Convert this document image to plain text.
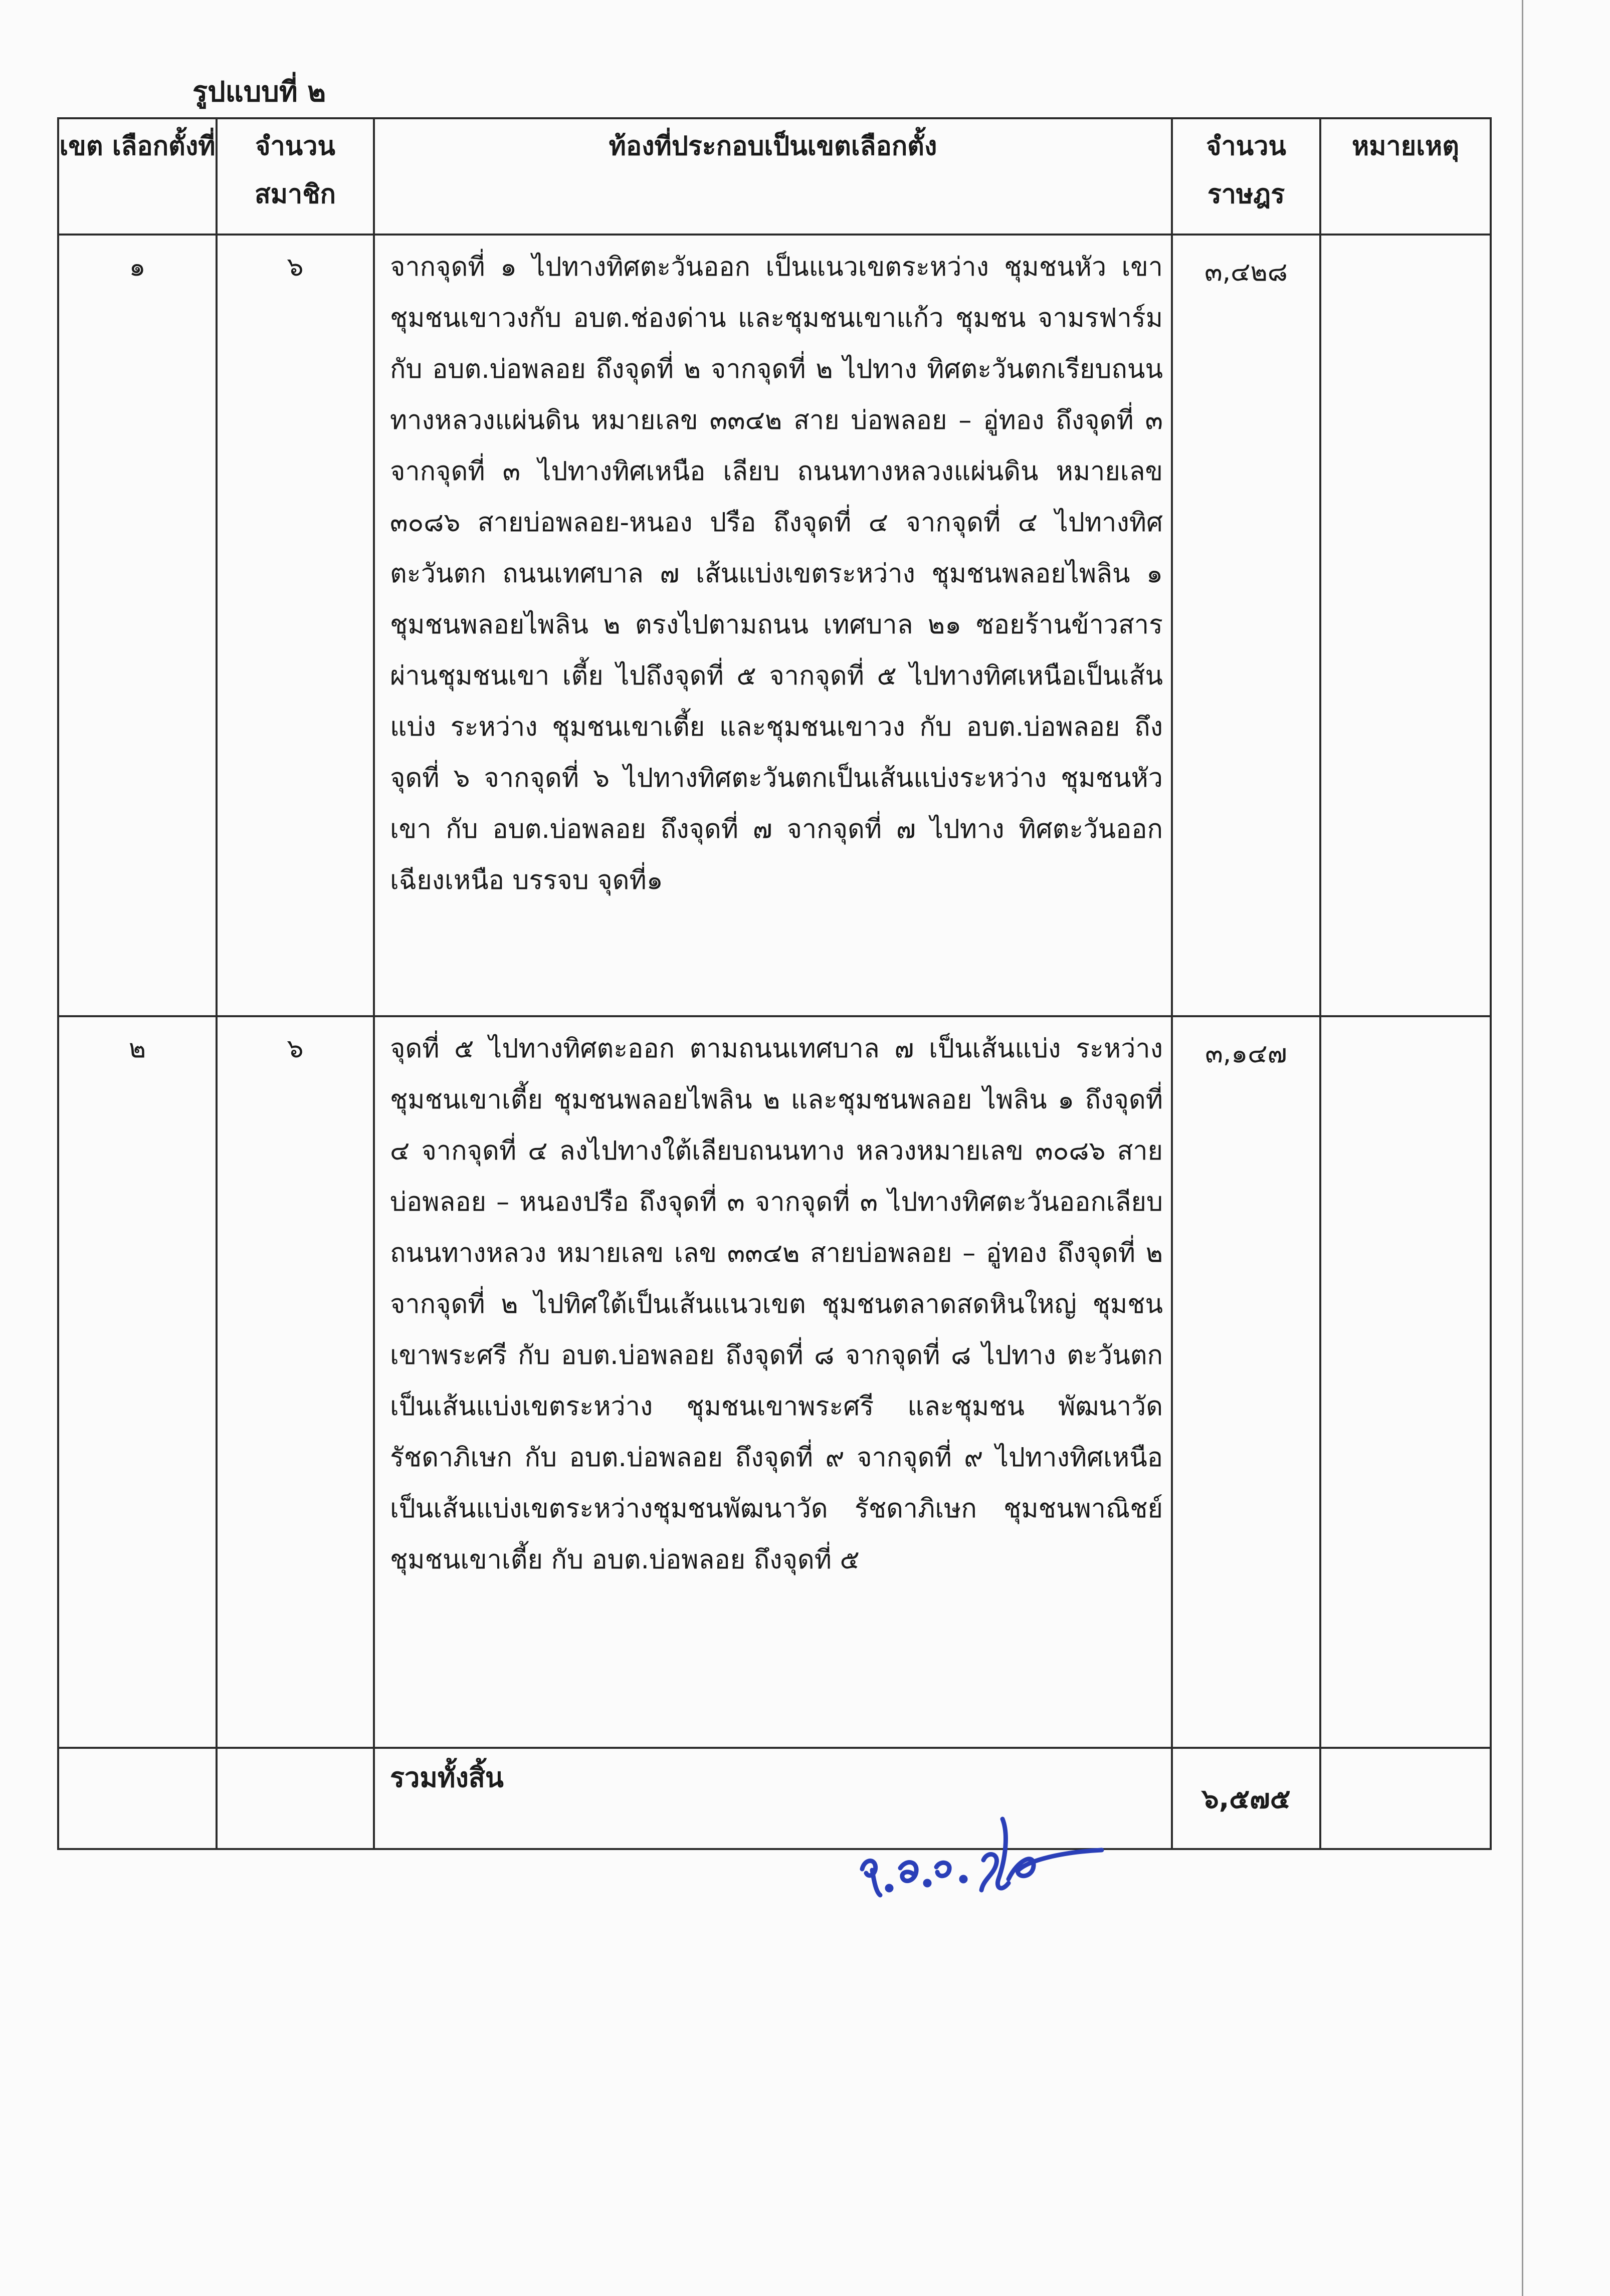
รูปแบบที่ ๒
เขต เลือกตั้งที่	จำนวน สมาชิก	ท้องที่ประกอบเป็นเขตเลือกตั้ง	จำนวน ราษฎร	หมายเหตุ
๑	๖	จากจุดที่ ๑ ไปทางทิศตะวันออก เป็นแนวเขตระหว่าง ชุมชนหัว เขา ชุมชนเขาวงกับ อบต.ช่องด่าน และชุมชนเขาแก้ว ชุมชน จามรฟาร์ม กับ อบต.บ่อพลอย ถึงจุดที่ ๒ จากจุดที่ ๒ ไปทาง ทิศตะวันตกเรียบถนนทางหลวงแผ่นดิน หมายเลข ๓๓๔๒ สาย บ่อพลอย – อู่ทอง ถึงจุดที่ ๓ จากจุดที่ ๓ ไปทางทิศเหนือ เลียบ ถนนทางหลวงแผ่นดิน หมายเลข ๓๐๘๖ สายบ่อพลอย-หนอง ปรือ ถึงจุดที่ ๔ จากจุดที่ ๔ ไปทางทิศตะวันตก ถนนเทศบาล ๗ เส้นแบ่งเขตระหว่าง ชุมชนพลอยไพลิน ๑ ชุมชนพลอยไพลิน ๒ ตรงไปตามถนน เทศบาล ๒๑ ซอยร้านข้าวสาร ผ่านชุมชนเขา เตี้ย ไปถึงจุดที่ ๕ จากจุดที่ ๕ ไปทางทิศเหนือเป็นเส้นแบ่ง ระหว่าง ชุมชนเขาเตี้ย และชุมชนเขาวง กับ อบต.บ่อพลอย ถึง จุดที่ ๖ จากจุดที่ ๖ ไปทางทิศตะวันตกเป็นเส้นแบ่งระหว่าง ชุมชนหัวเขา กับ อบต.บ่อพลอย ถึงจุดที่ ๗ จากจุดที่ ๗ ไปทาง ทิศตะวันออกเฉียงเหนือ บรรจบ จุดที่๑	๓,๔๒๘	
๒	๖	จุดที่ ๕ ไปทางทิศตะออก ตามถนนเทศบาล ๗ เป็นเส้นแบ่ง ระหว่าง ชุมชนเขาเตี้ย ชุมชนพลอยไพลิน ๒ และชุมชนพลอย ไพลิน ๑ ถึงจุดที่ ๔ จากจุดที่ ๔ ลงไปทางใต้เลียบถนนทาง หลวงหมายเลข ๓๐๘๖ สายบ่อพลอย – หนองปรือ ถึงจุดที่ ๓ จากจุดที่ ๓ ไปทางทิศตะวันออกเลียบถนนทางหลวง หมายเลข เลข ๓๓๔๒ สายบ่อพลอย – อู่ทอง ถึงจุดที่ ๒ จากจุดที่ ๒ ไปทิศใต้เป็นเส้นแนวเขต ชุมชนตลาดสดหินใหญ่ ชุมชน เขาพระศรี กับ อบต.บ่อพลอย ถึงจุดที่ ๘ จากจุดที่ ๘ ไปทาง ตะวันตกเป็นเส้นแบ่งเขตระหว่าง ชุมชนเขาพระศรี และชุมชน พัฒนาวัดรัชดาภิเษก กับ อบต.บ่อพลอย ถึงจุดที่ ๙ จากจุดที่ ๙ ไปทางทิศเหนือเป็นเส้นแบ่งเขตระหว่างชุมชนพัฒนาวัด รัชดาภิเษก ชุมชนพาณิชย์ ชุมชนเขาเตี้ย กับ อบต.บ่อพลอย ถึงจุดที่ ๕	๓,๑๔๗	
		รวมทั้งสิ้น	๖,๕๗๕	
